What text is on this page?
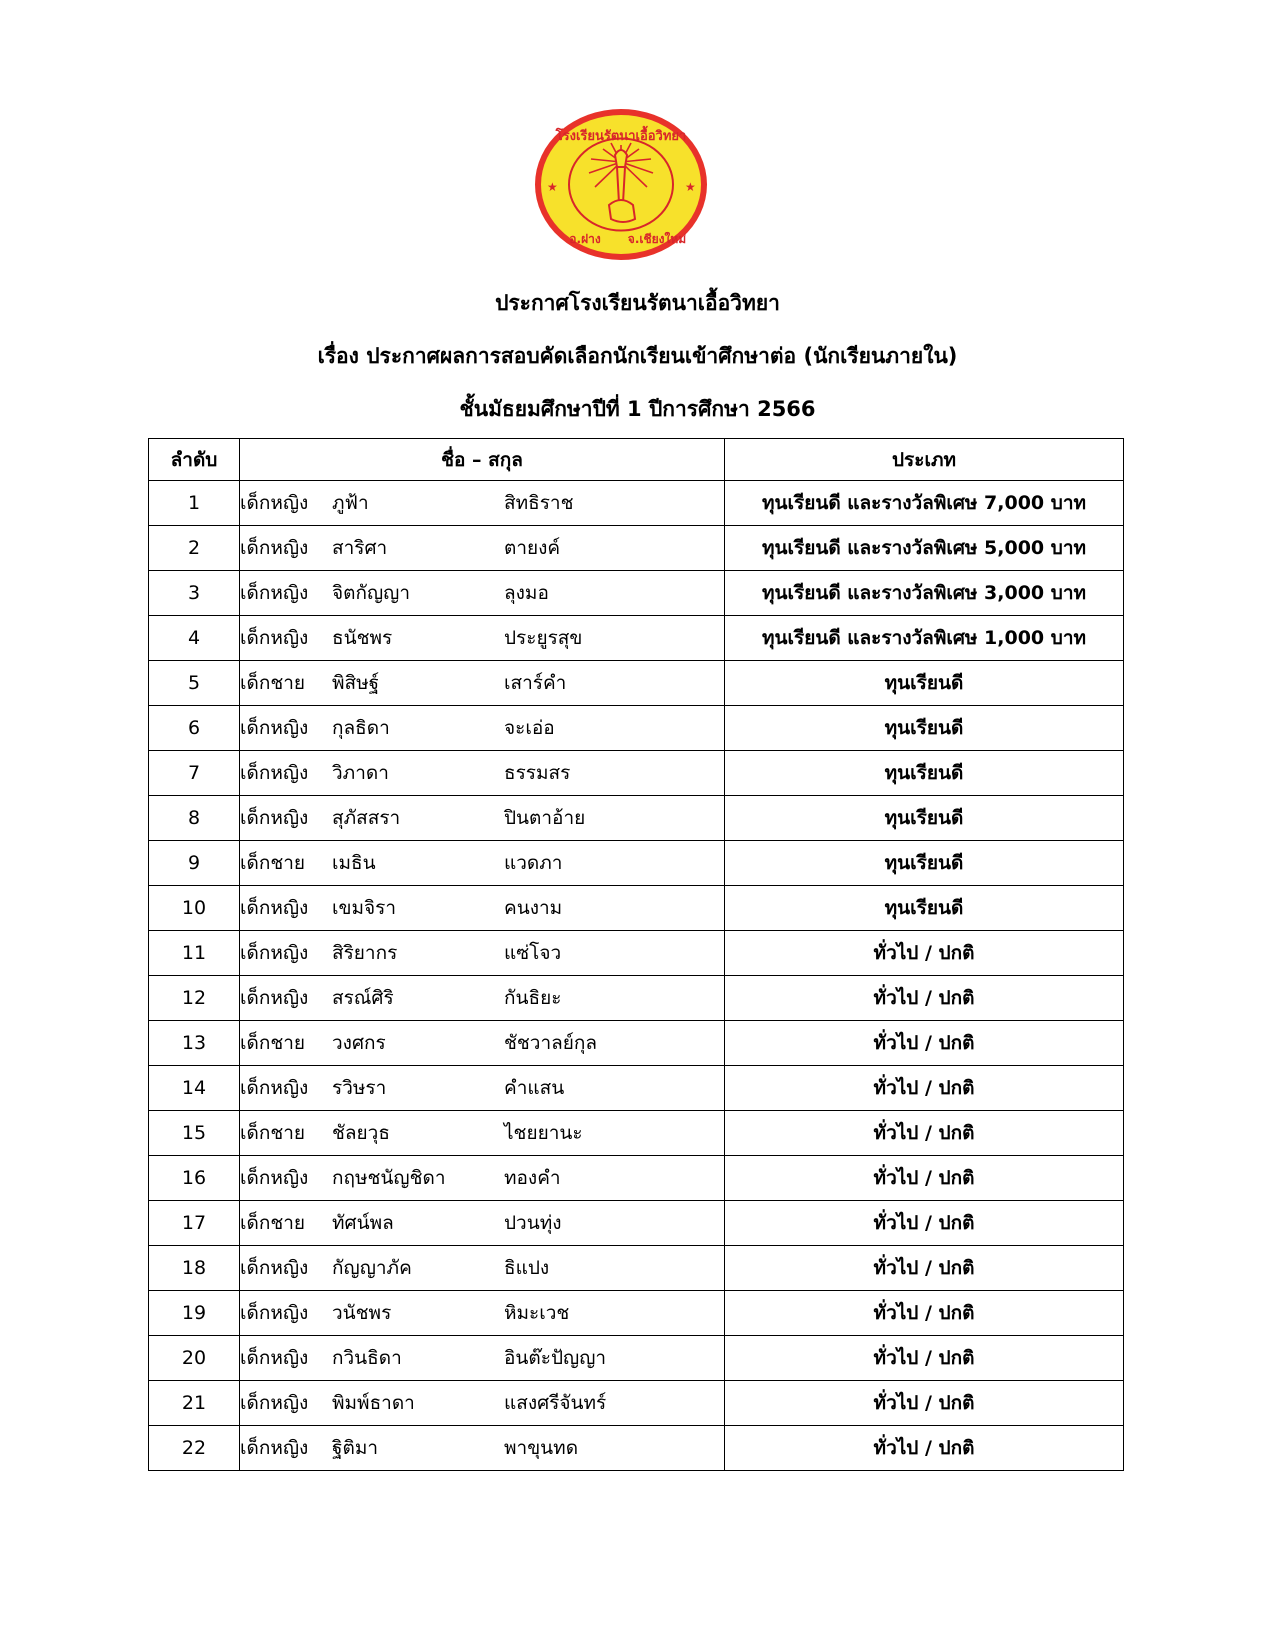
โรงเรียนรัตนาเอื้อวิทยา
อ.ฝาง จ.เชียงใหม่
★	★
ประกาศโรงเรียนรัตนาเอื้อวิทยา
เรื่อง ประกาศผลการสอบคัดเลือกนักเรียนเข้าศึกษาต่อ (นักเรียนภายใน)
ชั้นมัธยมศึกษาปีที่ 1 ปีการศึกษา 2566
ลำดับ	ชื่อ – สกุล	ประเภท
1	เด็กหญิง ภูฟ้า สิทธิราช	ทุนเรียนดี และรางวัลพิเศษ 7,000 บาท
2	เด็กหญิง สาริศา ตายงค์	ทุนเรียนดี และรางวัลพิเศษ 5,000 บาท
3	เด็กหญิง จิตกัญญา ลุงมอ	ทุนเรียนดี และรางวัลพิเศษ 3,000 บาท
4	เด็กหญิง ธนัชพร ประยูรสุข	ทุนเรียนดี และรางวัลพิเศษ 1,000 บาท
5	เด็กชาย พิสิษฐ์ เสาร์คำ	ทุนเรียนดี
6	เด็กหญิง กุลธิดา จะเอ่อ	ทุนเรียนดี
7	เด็กหญิง วิภาดา ธรรมสร	ทุนเรียนดี
8	เด็กหญิง สุภัสสรา ปินตาอ้าย	ทุนเรียนดี
9	เด็กชาย เมธิน แวดภา	ทุนเรียนดี
10	เด็กหญิง เขมจิรา คนงาม	ทุนเรียนดี
11	เด็กหญิง สิริยากร แซ่โจว	ทั่วไป / ปกติ
12	เด็กหญิง สรณ์ศิริ กันธิยะ	ทั่วไป / ปกติ
13	เด็กชาย วงศกร ชัชวาลย์กุล	ทั่วไป / ปกติ
14	เด็กหญิง รวิษรา คำแสน	ทั่วไป / ปกติ
15	เด็กชาย ชัลยวุธ ไชยยานะ	ทั่วไป / ปกติ
16	เด็กหญิง กฤษชนัญชิดา ทองคำ	ทั่วไป / ปกติ
17	เด็กชาย ทัศน์พล ปวนทุ่ง	ทั่วไป / ปกติ
18	เด็กหญิง กัญญาภัค ธิแปง	ทั่วไป / ปกติ
19	เด็กหญิง วนัชพร หิมะเวช	ทั่วไป / ปกติ
20	เด็กหญิง กวินธิดา อินต๊ะปัญญา	ทั่วไป / ปกติ
21	เด็กหญิง พิมพ์ธาดา แสงศรีจันทร์	ทั่วไป / ปกติ
22	เด็กหญิง ฐิติมา พาขุนทด	ทั่วไป / ปกติ
